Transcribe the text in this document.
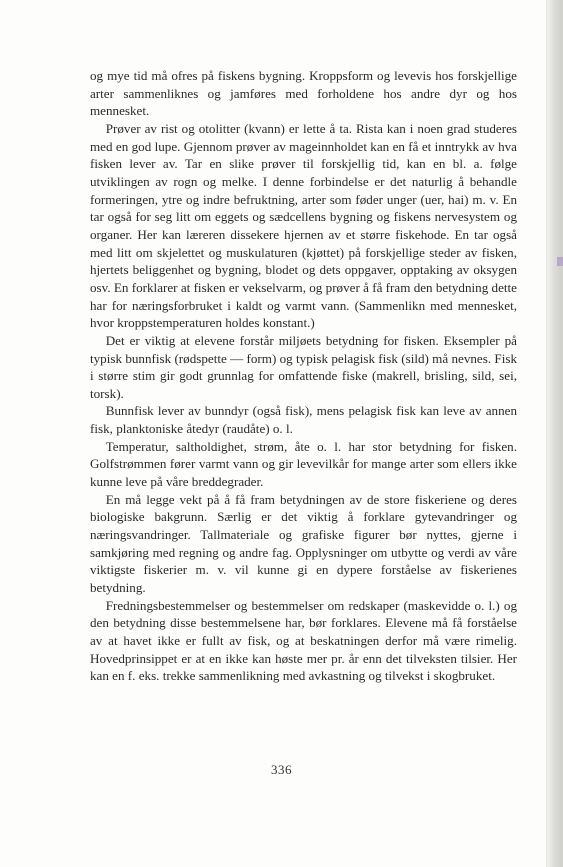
og mye tid må ofres på fiskens bygning. Kroppsform og levevis hos forskjellige arter sammenliknes og jamføres med forholdene hos andre dyr og hos mennesket.

Prøver av rist og otolitter (kvann) er lette å ta. Rista kan i noen grad studeres med en god lupe. Gjennom prøver av mageinnholdet kan en få et inntrykk av hva fisken lever av. Tar en slike prøver til forskjellig tid, kan en bl. a. følge utviklingen av rogn og melke. I denne forbindelse er det naturlig å behandle formeringen, ytre og indre befruktning, arter som føder unger (uer, hai) m. v. En tar også for seg litt om eggets og sædcellens bygning og fiskens nervesystem og organer. Her kan læreren dissekere hjernen av et større fiskehode. En tar også med litt om skjelettet og muskulaturen (kjøttet) på forskjellige steder av fisken, hjertets beliggenhet og bygning, blodet og dets oppgaver, opptaking av oksygen osv. En forklarer at fisken er vekselvarm, og prøver å få fram den betydning dette har for næringsforbruket i kaldt og varmt vann. (Sammenlikn med mennesket, hvor kroppstemperaturen holdes konstant.)

Det er viktig at elevene forstår miljøets betydning for fisken. Eksempler på typisk bunnfisk (rødspette — form) og typisk pelagisk fisk (sild) må nevnes. Fisk i større stim gir godt grunnlag for omfattende fiske (makrell, brisling, sild, sei, torsk).

Bunnfisk lever av bunndyr (også fisk), mens pelagisk fisk kan leve av annen fisk, planktoniske åtedyr (raudåte) o. l.

Temperatur, saltholdighet, strøm, åte o. l. har stor betydning for fisken. Golfstrømmen fører varmt vann og gir levevilkår for mange arter som ellers ikke kunne leve på våre breddegrader.

En må legge vekt på å få fram betydningen av de store fiskeriene og deres biologiske bakgrunn. Særlig er det viktig å forklare gytevandringer og næringsvandringer. Tallmateriale og grafiske figurer bør nyttes, gjerne i samkjøring med regning og andre fag. Opplysninger om utbytte og verdi av våre viktigste fiskerier m. v. vil kunne gi en dypere forståelse av fiskerienes betydning.

Fredningsbestemmelser og bestemmelser om redskaper (maskevidde o. l.) og den betydning disse bestemmelsene har, bør forklares. Elevene må få forståelse av at havet ikke er fullt av fisk, og at beskatningen derfor må være rimelig. Hovedprinsippet er at en ikke kan høste mer pr. år enn det tilveksten tilsier. Her kan en f. eks. trekke sammenlikning med avkastning og tilvekst i skogbruket.

336
